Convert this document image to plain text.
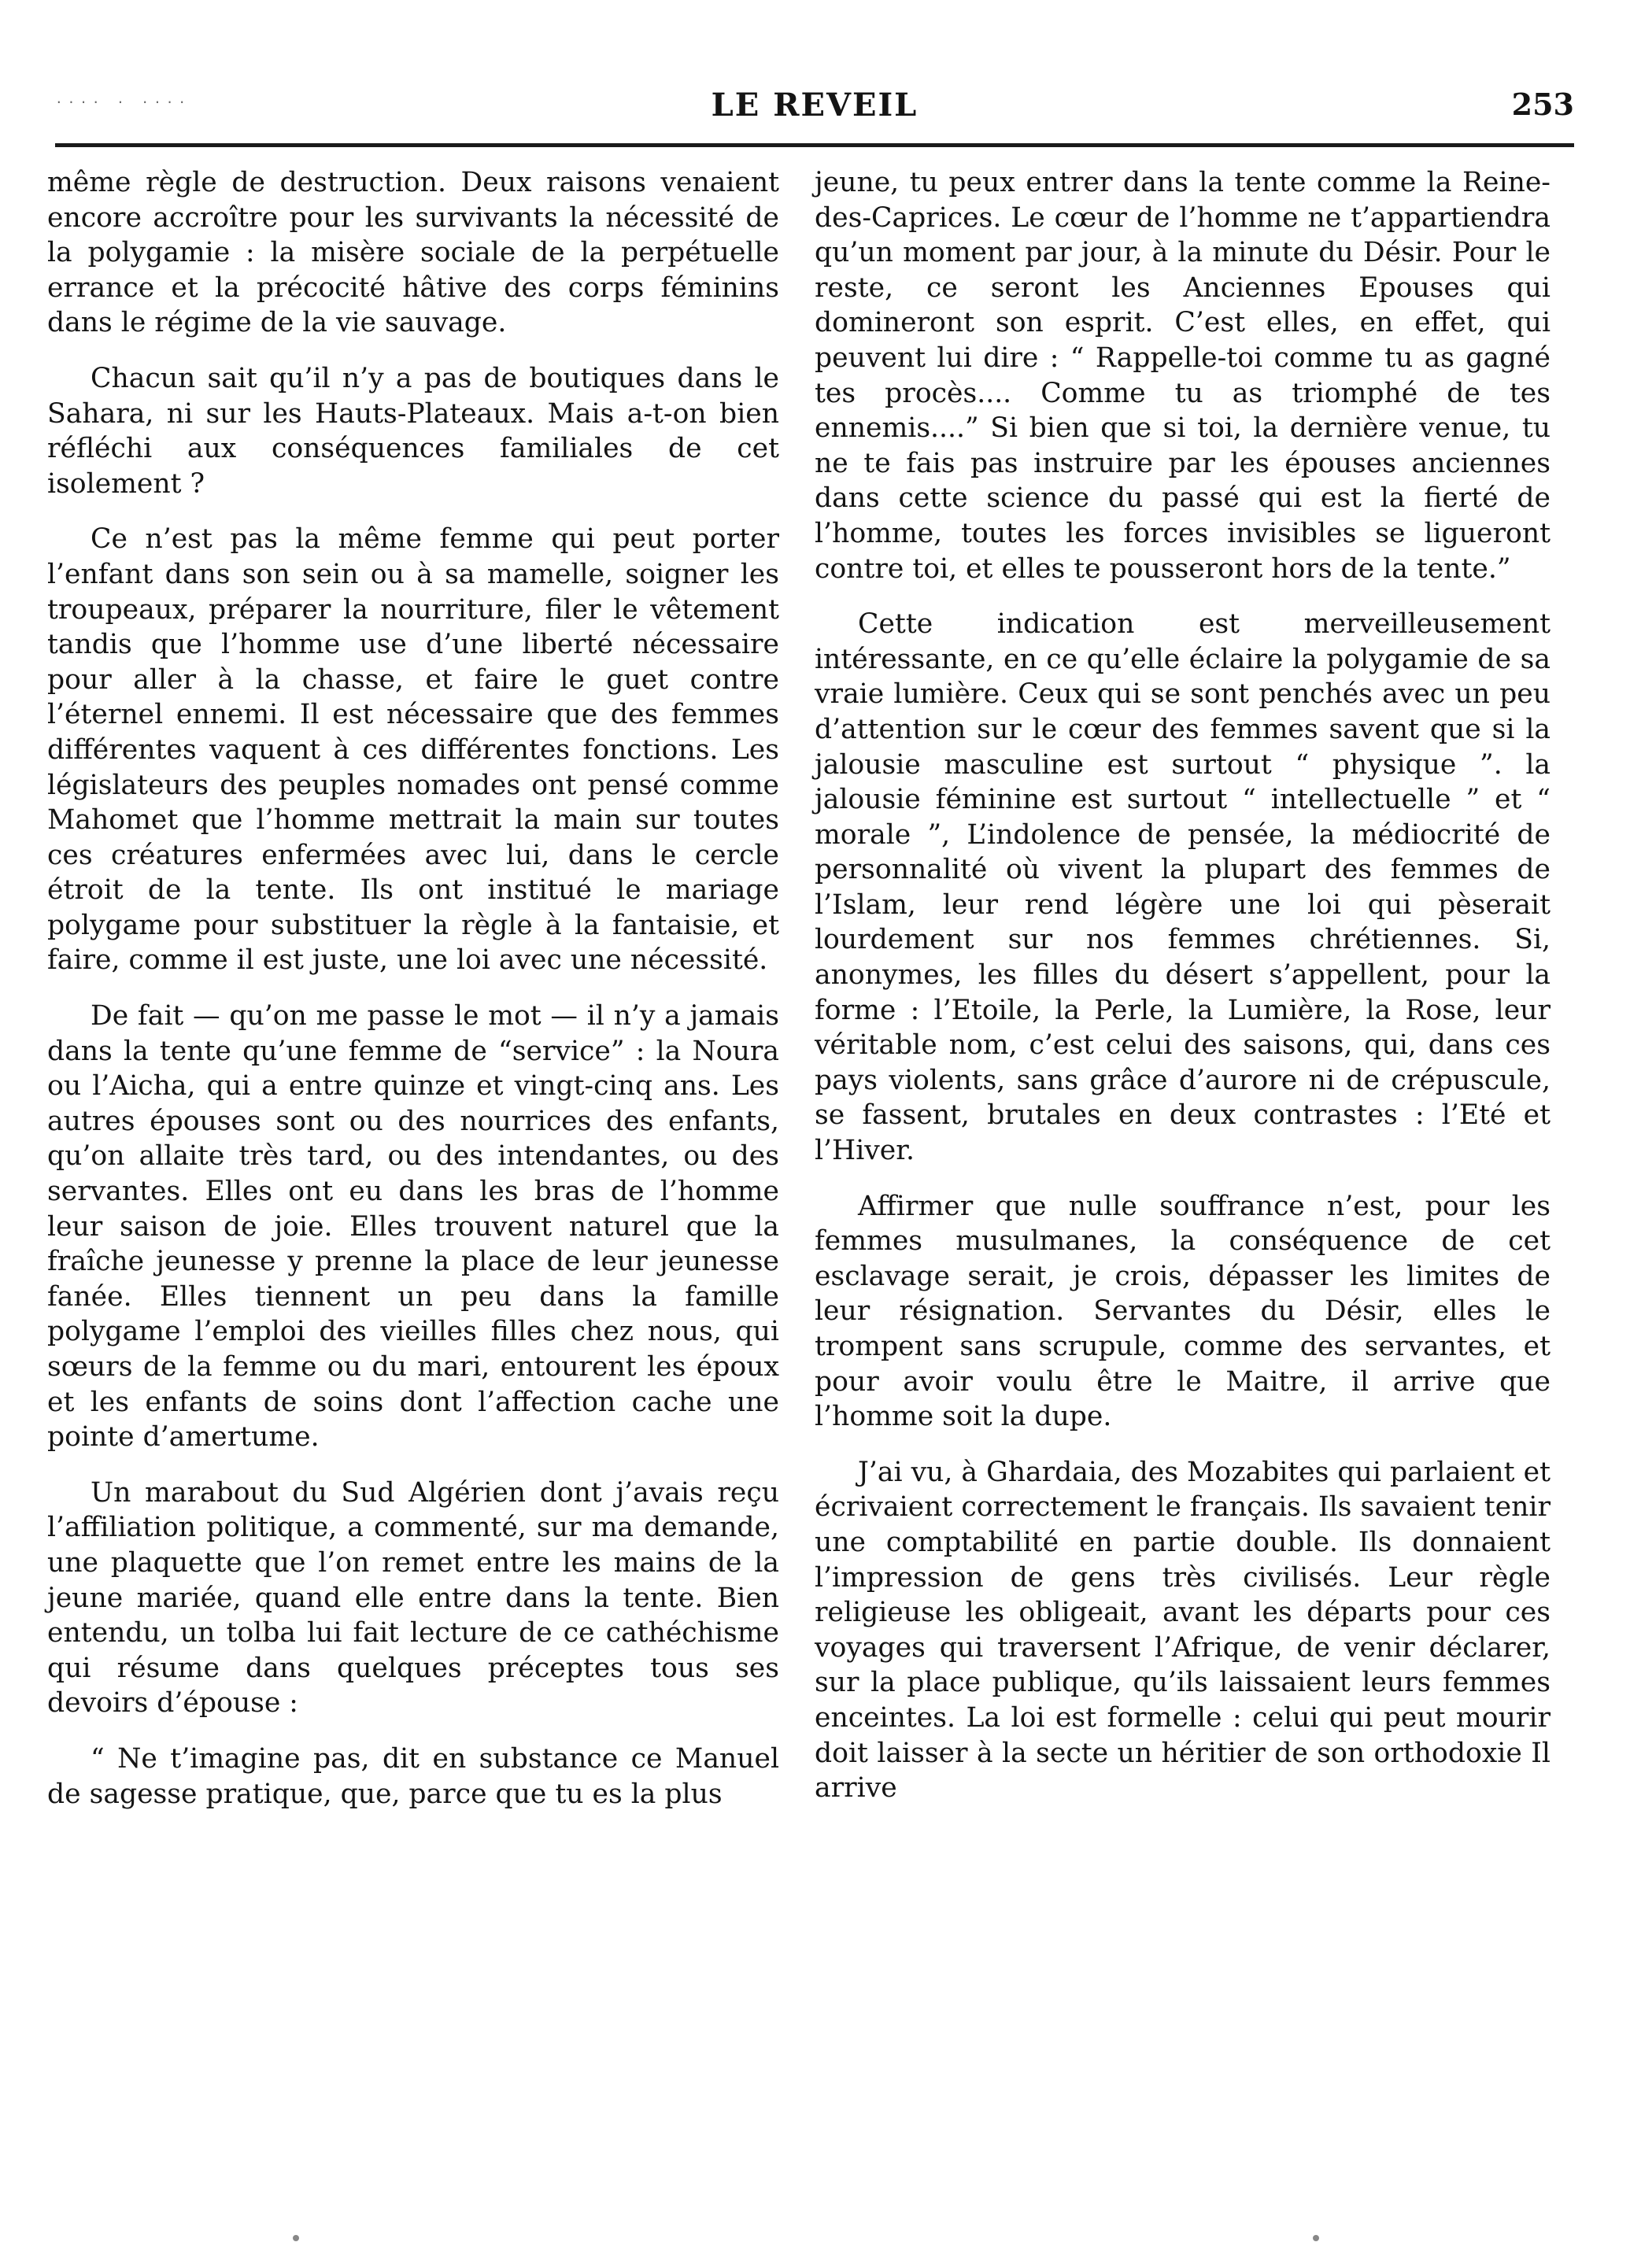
.... . ....	LE REVEIL	253

même règle de destruction. Deux raisons venaient encore accroître pour les survivants la nécessité de la polygamie : la misère sociale de la perpétuelle errance et la précocité hâtive des corps féminins dans le régime de la vie sauvage.

Chacun sait qu’il n’y a pas de boutiques dans le Sahara, ni sur les Hauts-Plateaux. Mais a-t-on bien réfléchi aux conséquences familiales de cet isolement ?

Ce n’est pas la même femme qui peut porter l’enfant dans son sein ou à sa mamelle, soigner les troupeaux, préparer la nourriture, filer le vêtement tandis que l’homme use d’une liberté nécessaire pour aller à la chasse, et faire le guet contre l’éternel ennemi. Il est nécessaire que des femmes différentes vaquent à ces différentes fonctions. Les législateurs des peuples nomades ont pensé comme Mahomet que l’homme mettrait la main sur toutes ces créatures enfermées avec lui, dans le cercle étroit de la tente. Ils ont institué le mariage polygame pour substituer la règle à la fantaisie, et faire, comme il est juste, une loi avec une nécessité.

De fait — qu’on me passe le mot — il n’y a jamais dans la tente qu’une femme de “service” : la Noura ou l’Aicha, qui a entre quinze et vingt-cinq ans. Les autres épouses sont ou des nourrices des enfants, qu’on allaite très tard, ou des intendantes, ou des servantes. Elles ont eu dans les bras de l’homme leur saison de joie. Elles trouvent naturel que la fraîche jeunesse y prenne la place de leur jeunesse fanée. Elles tiennent un peu dans la famille polygame l’emploi des vieilles filles chez nous, qui sœurs de la femme ou du mari, entourent les époux et les enfants de soins dont l’affection cache une pointe d’amertume.

Un marabout du Sud Algérien dont j’avais reçu l’affiliation politique, a commenté, sur ma demande, une plaquette que l’on remet entre les mains de la jeune mariée, quand elle entre dans la tente. Bien entendu, un tolba lui fait lecture de ce cathéchisme qui résume dans quelques préceptes tous ses devoirs d’épouse :

“ Ne t’imagine pas, dit en substance ce Manuel de sagesse pratique, que, parce que tu es la plus

jeune, tu peux entrer dans la tente comme la Reine-des-Caprices. Le cœur de l’homme ne t’appartiendra qu’un moment par jour, à la minute du Désir. Pour le reste, ce seront les Anciennes Epouses qui domineront son esprit. C’est elles, en effet, qui peuvent lui dire : “ Rappelle-toi comme tu as gagné tes procès.... Comme tu as triomphé de tes ennemis....” Si bien que si toi, la dernière venue, tu ne te fais pas instruire par les épouses anciennes dans cette science du passé qui est la fierté de l’homme, toutes les forces invisibles se ligueront contre toi, et elles te pousseront hors de la tente.”

Cette indication est merveilleusement intéressante, en ce qu’elle éclaire la polygamie de sa vraie lumière. Ceux qui se sont penchés avec un peu d’attention sur le cœur des femmes savent que si la jalousie masculine est surtout “ physique ”. la jalousie féminine est surtout “ intellectuelle ” et “ morale ”, L’indolence de pensée, la médiocrité de personnalité où vivent la plupart des femmes de l’Islam, leur rend légère une loi qui pèserait lourdement sur nos femmes chrétiennes. Si, anonymes, les filles du désert s’appellent, pour la forme : l’Etoile, la Perle, la Lumière, la Rose, leur véritable nom, c’est celui des saisons, qui, dans ces pays violents, sans grâce d’aurore ni de crépuscule, se fassent, brutales en deux contrastes : l’Eté et l’Hiver.

Affirmer que nulle souffrance n’est, pour les femmes musulmanes, la conséquence de cet esclavage serait, je crois, dépasser les limites de leur résignation. Servantes du Désir, elles le trompent sans scrupule, comme des servantes, et pour avoir voulu être le Maitre, il arrive que l’homme soit la dupe.

J’ai vu, à Ghardaia, des Mozabites qui parlaient et écrivaient correctement le français. Ils savaient tenir une comptabilité en partie double. Ils donnaient l’impression de gens très civilisés. Leur règle religieuse les obligeait, avant les départs pour ces voyages qui traversent l’Afrique, de venir déclarer, sur la place publique, qu’ils laissaient leurs femmes enceintes. La loi est formelle : celui qui peut mourir doit laisser à la secte un héritier de son orthodoxie Il arrive
